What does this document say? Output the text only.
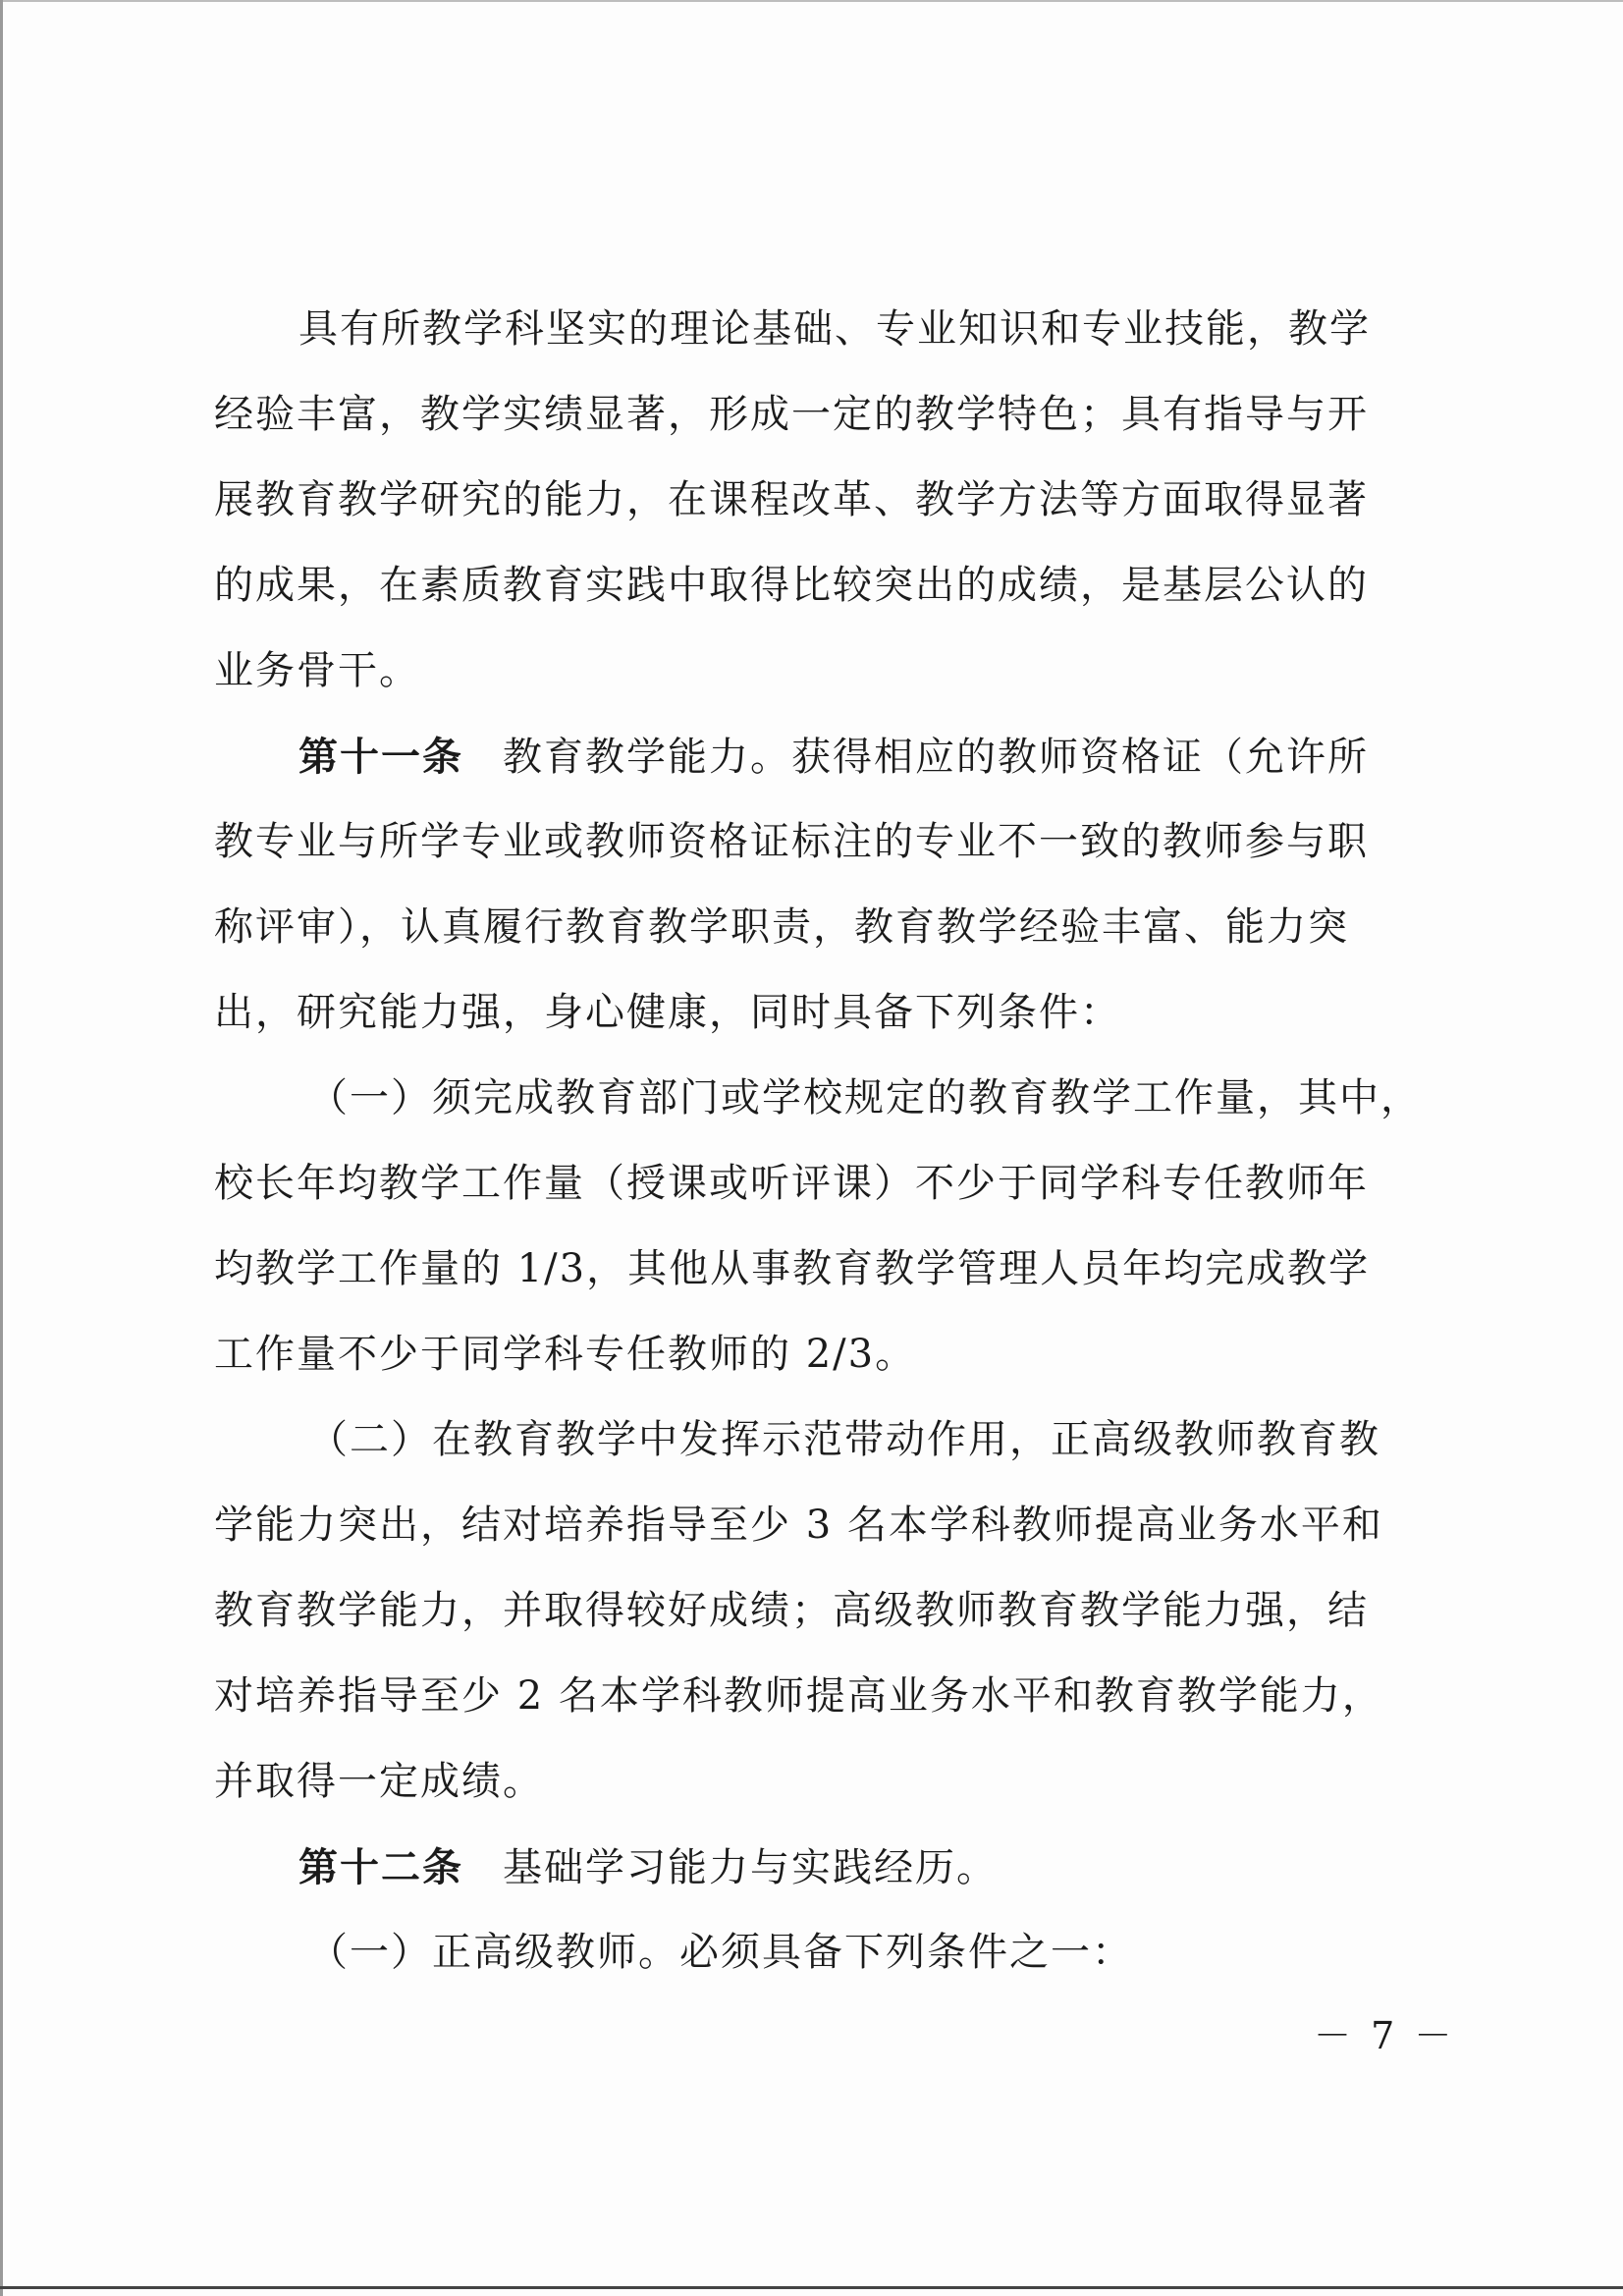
具有所教学科坚实的理论基础、专业知识和专业技能，教学
经验丰富，教学实绩显著，形成一定的教学特色；具有指导与开
展教育教学研究的能力，在课程改革、教学方法等方面取得显著
的成果，在素质教育实践中取得比较突出的成绩，是基层公认的
业务骨干。
第十一条 教育教学能力。获得相应的教师资格证（允许所
教专业与所学专业或教师资格证标注的专业不一致的教师参与职
称评审），认真履行教育教学职责，教育教学经验丰富、能力突
出，研究能力强，身心健康，同时具备下列条件：
（一）须完成教育部门或学校规定的教育教学工作量，其中，
校长年均教学工作量（授课或听评课）不少于同学科专任教师年
均教学工作量的 1/3，其他从事教育教学管理人员年均完成教学
工作量不少于同学科专任教师的 2/3。
（二）在教育教学中发挥示范带动作用，正高级教师教育教
学能力突出，结对培养指导至少 3 名本学科教师提高业务水平和
教育教学能力，并取得较好成绩；高级教师教育教学能力强，结
对培养指导至少 2 名本学科教师提高业务水平和教育教学能力，
并取得一定成绩。
第十二条 基础学习能力与实践经历。
（一）正高级教师。必须具备下列条件之一：
－ 7 －
